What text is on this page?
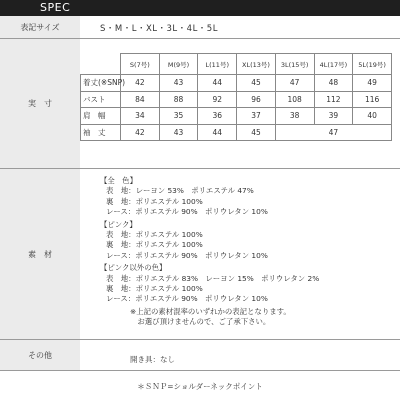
SPEC
表記サイズ	S・M・L・XL・3L・4L・5L
実　寸
	S(7号)	M(9号)	L(11号)	XL(13号)	3L(15号)	4L(17号)	5L(19号)
着丈(※SNP)	42	43	44	45	47	48	49
バスト	84	88	92	96	108	112	116
肩　幅	34	35	36	37	38	39	40
袖　丈	42	43	44	45	47		
素　材
【全　色】
表　地：レーヨン 53%　ポリエステル 47%
裏　地：ポリエステル 100%
レース：ポリエステル 90%　ポリウレタン 10%
【ピンク】
表　地：ポリエステル 100%
裏　地：ポリエステル 100%
レース：ポリエステル 90%　ポリウレタン 10%
【ピンク以外の色】
表　地：ポリエステル 83%　レーヨン 15%　ポリウレタン 2%
裏　地：ポリエステル 100%
レース：ポリエステル 90%　ポリウレタン 10%
※上記の素材混率のいずれかの表記となります。
　お選び頂けませんので、ご了承下さい。
その他	開き具：なし
＊ＳＮＰ=ショルダーネックポイント
